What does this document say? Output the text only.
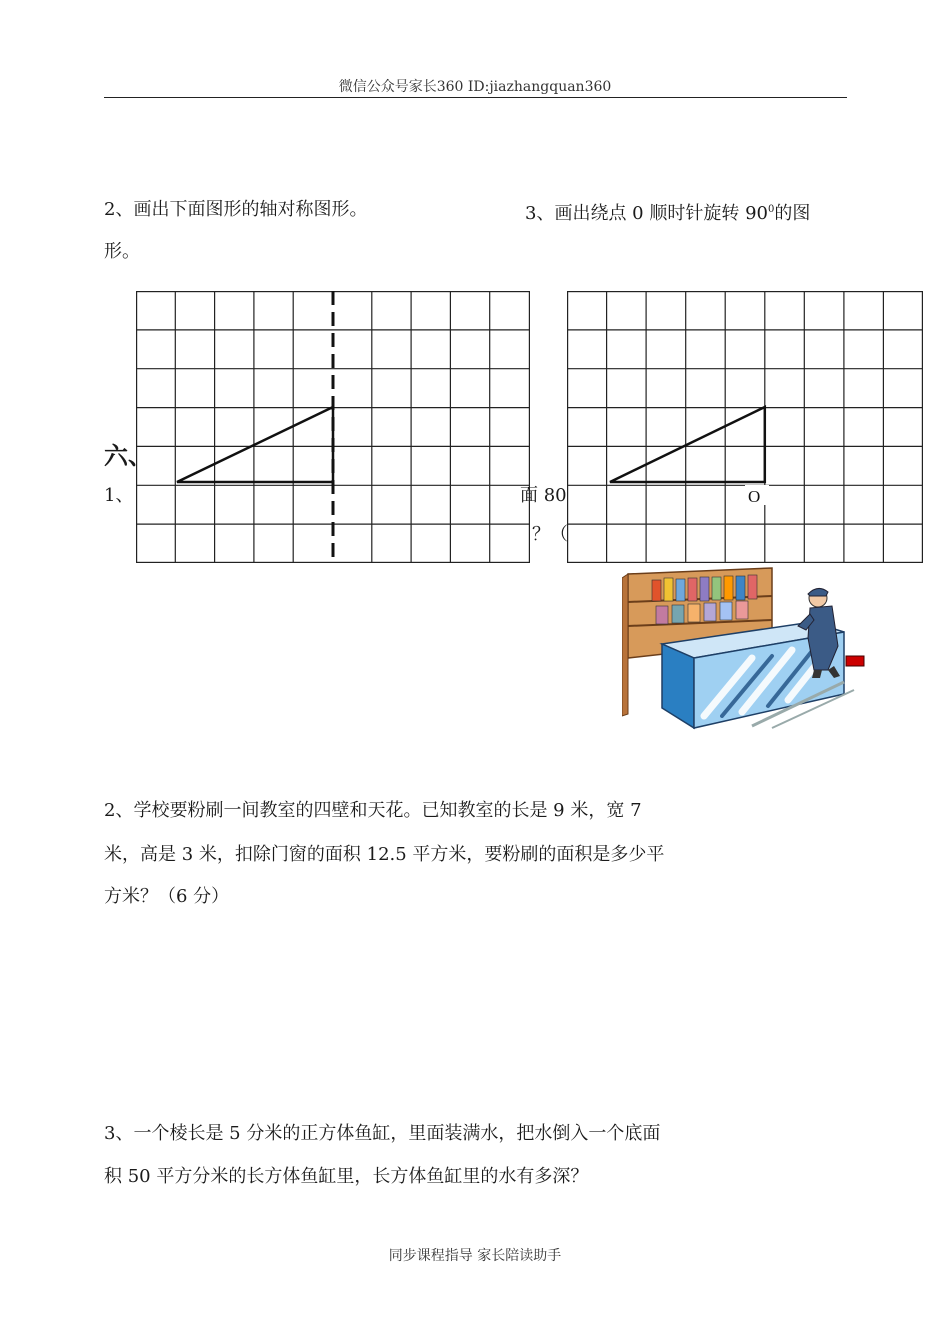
微信公众号家长360 ID:jiazhangquan360
2、画出下面图形的轴对称图形。
形。
3、画出绕点 0 顺时针旋转 $90^0$的图
六、
1、	面 80
？（
O
2、学校要粉刷一间教室的四壁和天花。已知教室的长是 9 米，宽 7
米，高是 3 米，扣除门窗的面积 12.5 平方米，要粉刷的面积是多少平
方米？（6 分）
3、一个棱长是 5 分米的正方体鱼缸，里面装满水，把水倒入一个底面
积 50 平方分米的长方体鱼缸里，长方体鱼缸里的水有多深？
同步课程指导 家长陪读助手
